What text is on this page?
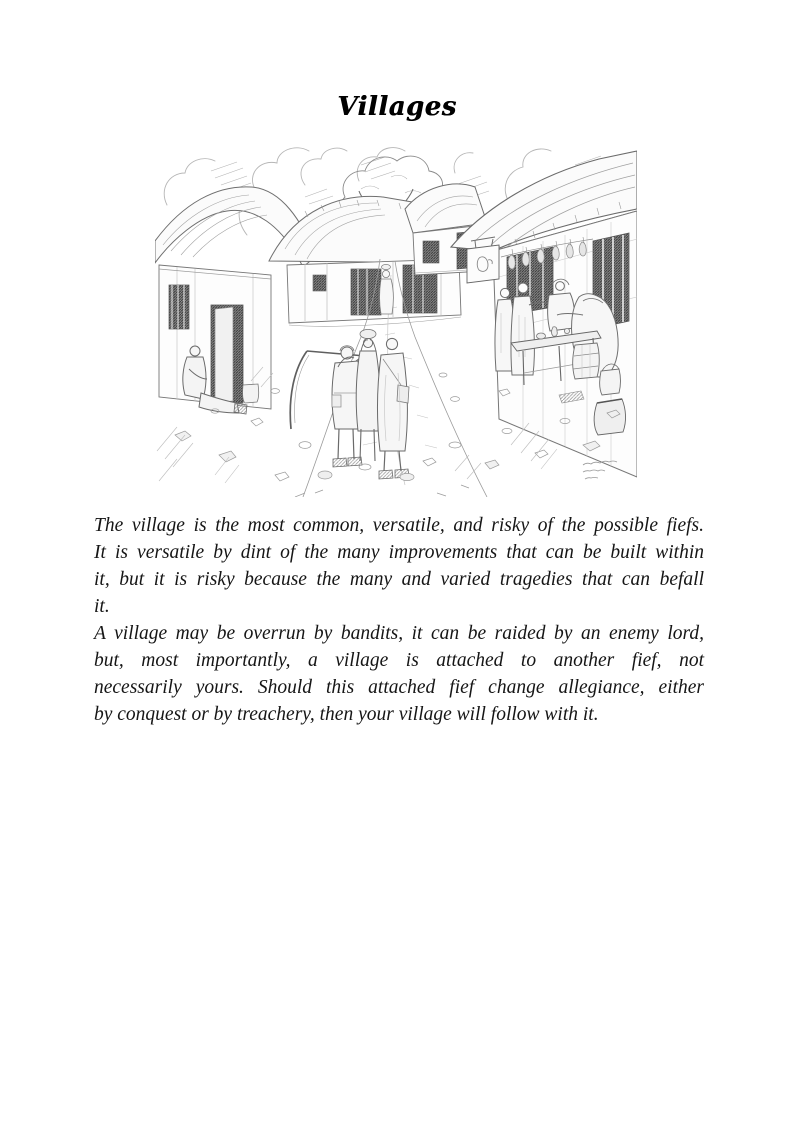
Villages

The village is the most common, versatile, and risky of the possible fiefs.
It is versatile by dint of the many improvements that can be built within
it, but it is risky because the many and varied tragedies that can befall
it.

A village may be overrun by bandits, it can be raided by an enemy lord,
but, most importantly, a village is attached to another fief, not
necessarily yours. Should this attached fief change allegiance, either
by conquest or by treachery, then your village will follow with it.
